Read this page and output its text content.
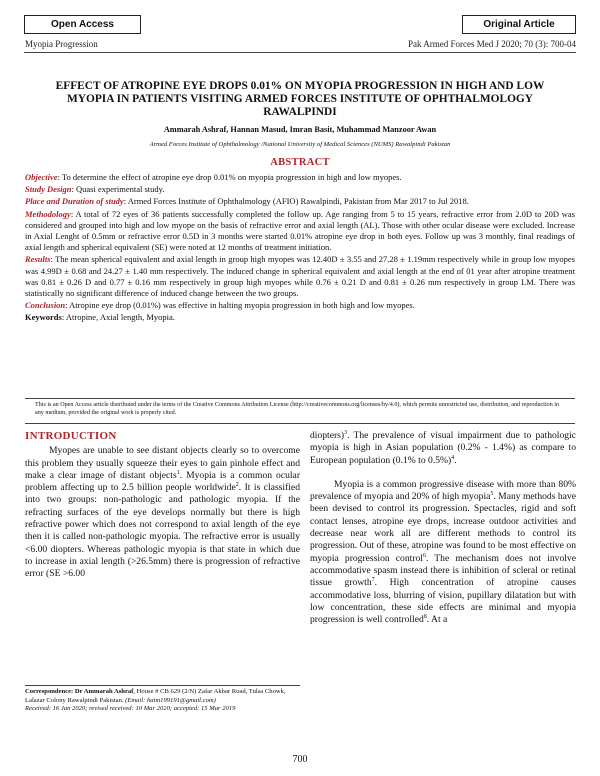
Open Access	Original Article
Myopia Progression	Pak Armed Forces Med J 2020; 70 (3): 700-04
EFFECT OF ATROPINE EYE DROPS 0.01% ON MYOPIA PROGRESSION IN HIGH AND LOW MYOPIA IN PATIENTS VISITING ARMED FORCES INSTITUTE OF OPHTHALMOLOGY RAWALPINDI
Ammarah Ashraf, Hannan Masud, Imran Basit, Muhammad Manzoor Awan
Armed Forces Institute of Ophthalmology /National University of Medical Sciences (NUMS) Rawalpindi Pakistan
ABSTRACT

Objective: To determine the effect of atropine eye drop 0.01% on myopia progression in high and low myopes.

Study Design: Quasi experimental study.

Place and Duration of study: Armed Forces Institute of Ophthalmology (AFIO) Rawalpindi, Pakistan from Mar 2017 to Jul 2018.

Methodology: A total of 72 eyes of 36 patients successfully completed the follow up. Age ranging from 5 to 15 years, refractive error from 2.0D to 20D was considered and grouped into high and low myope on the basis of refractive error and axial length (AL). Those with other ocular disease were excluded. Increase in Axial Lenght of 0.5mm or refractive error 0.5D in 3 months were started 0.01% atropine eye drop in both eyes. Follow up was 3 monthly, final readings of axial length and spherical equivalent (SE) were noted at 12 months of treatment initiation.

Results: The mean spherical equivalent and axial length in group high myopes was 12.40D ± 3.55 and 27.28 ± 1.19mm respectively while in group low myopes was 4.99D ± 0.68 and 24.27 ± 1.40 mm respectively. The induced change in spherical equivalent and axial length at the end of 01 year after atropine treatment was 0.81 ± 0.26 D and 0.77 ± 0.16 mm respectively in group high myopes while 0.76 ± 0.21 D and 0.81 ± 0.26 mm respectively in group LM. There was statistically no significant difference of induced change between the two groups.

Conclusion: Atropine eye drop (0.01%) was effective in halting myopia progression in both high and low myopes.

Keywords: Atropine, Axial length, Myopia.

This is an Open Access article distributed under the terms of the Creative Commons Attribution License (http://creativecommons.org/licenses/by/4.0), which permits unrestricted use, distribution, and reproduction in any medium, provided the original work is properly cited.
INTRODUCTION

Myopes are unable to see distant objects clearly so to overcome this problem they usually squeeze their eyes to gain pinhole effect and make a clear image of distant objects$^1$. Myopia is a common ocular problem affecting up to 2.5 billion people worldwide$^2$. It is classified into two groups: non-pathologic and pathologic myopia. If the refracting surfaces of the eye develops normally but there is high refractive power which does not correspond to axial length of the eye then it is called non-pathologic myopia. The refractive error is usually <6.00 diopters. Whereas pathologic myopia is that state in which due to increase in axial length (>26.5mm) there is progression of refractive error (SE >6.00

Correspondence: Dr Ammarah Ashraf, House # CB 629 (2/N) Zafar Akbar Road, Tulsa Chowk, Lalazar Colony Rawalpindi Pakistan. (Email: haim199191@gmail.com)
Received: 16 Jan 2020; revised received: 10 Mar 2020; accepted: 15 Mar 2019

diopters)$^3$. The prevalence of visual impairment due to pathologic myopia is high in Asian population (0.2% - 1.4%) as compare to European population (0.1% to 0.5%)$^4$.

Myopia is a common progressive disease with more than 80% prevalence of myopia and 20% of high myopia$^5$. Many methods have been devised to control its progression. Spectacles, rigid and soft contact lenses, atropine eye drops, increase outdoor activities and decrease near work all are different methods to control its progression. Out of these, atropine was found to be most effective on myopia progression control$^6$. The mechanism does not involve accommodative spasm instead there is inhibition of scleral or retinal tissue growth$^7$. High concentration of atropine causes accommodative loss, blurring of vision, pupillary dilatation but with low concentration, these side effects are minimal and myopia progression is well controlled$^8$. At a

700
